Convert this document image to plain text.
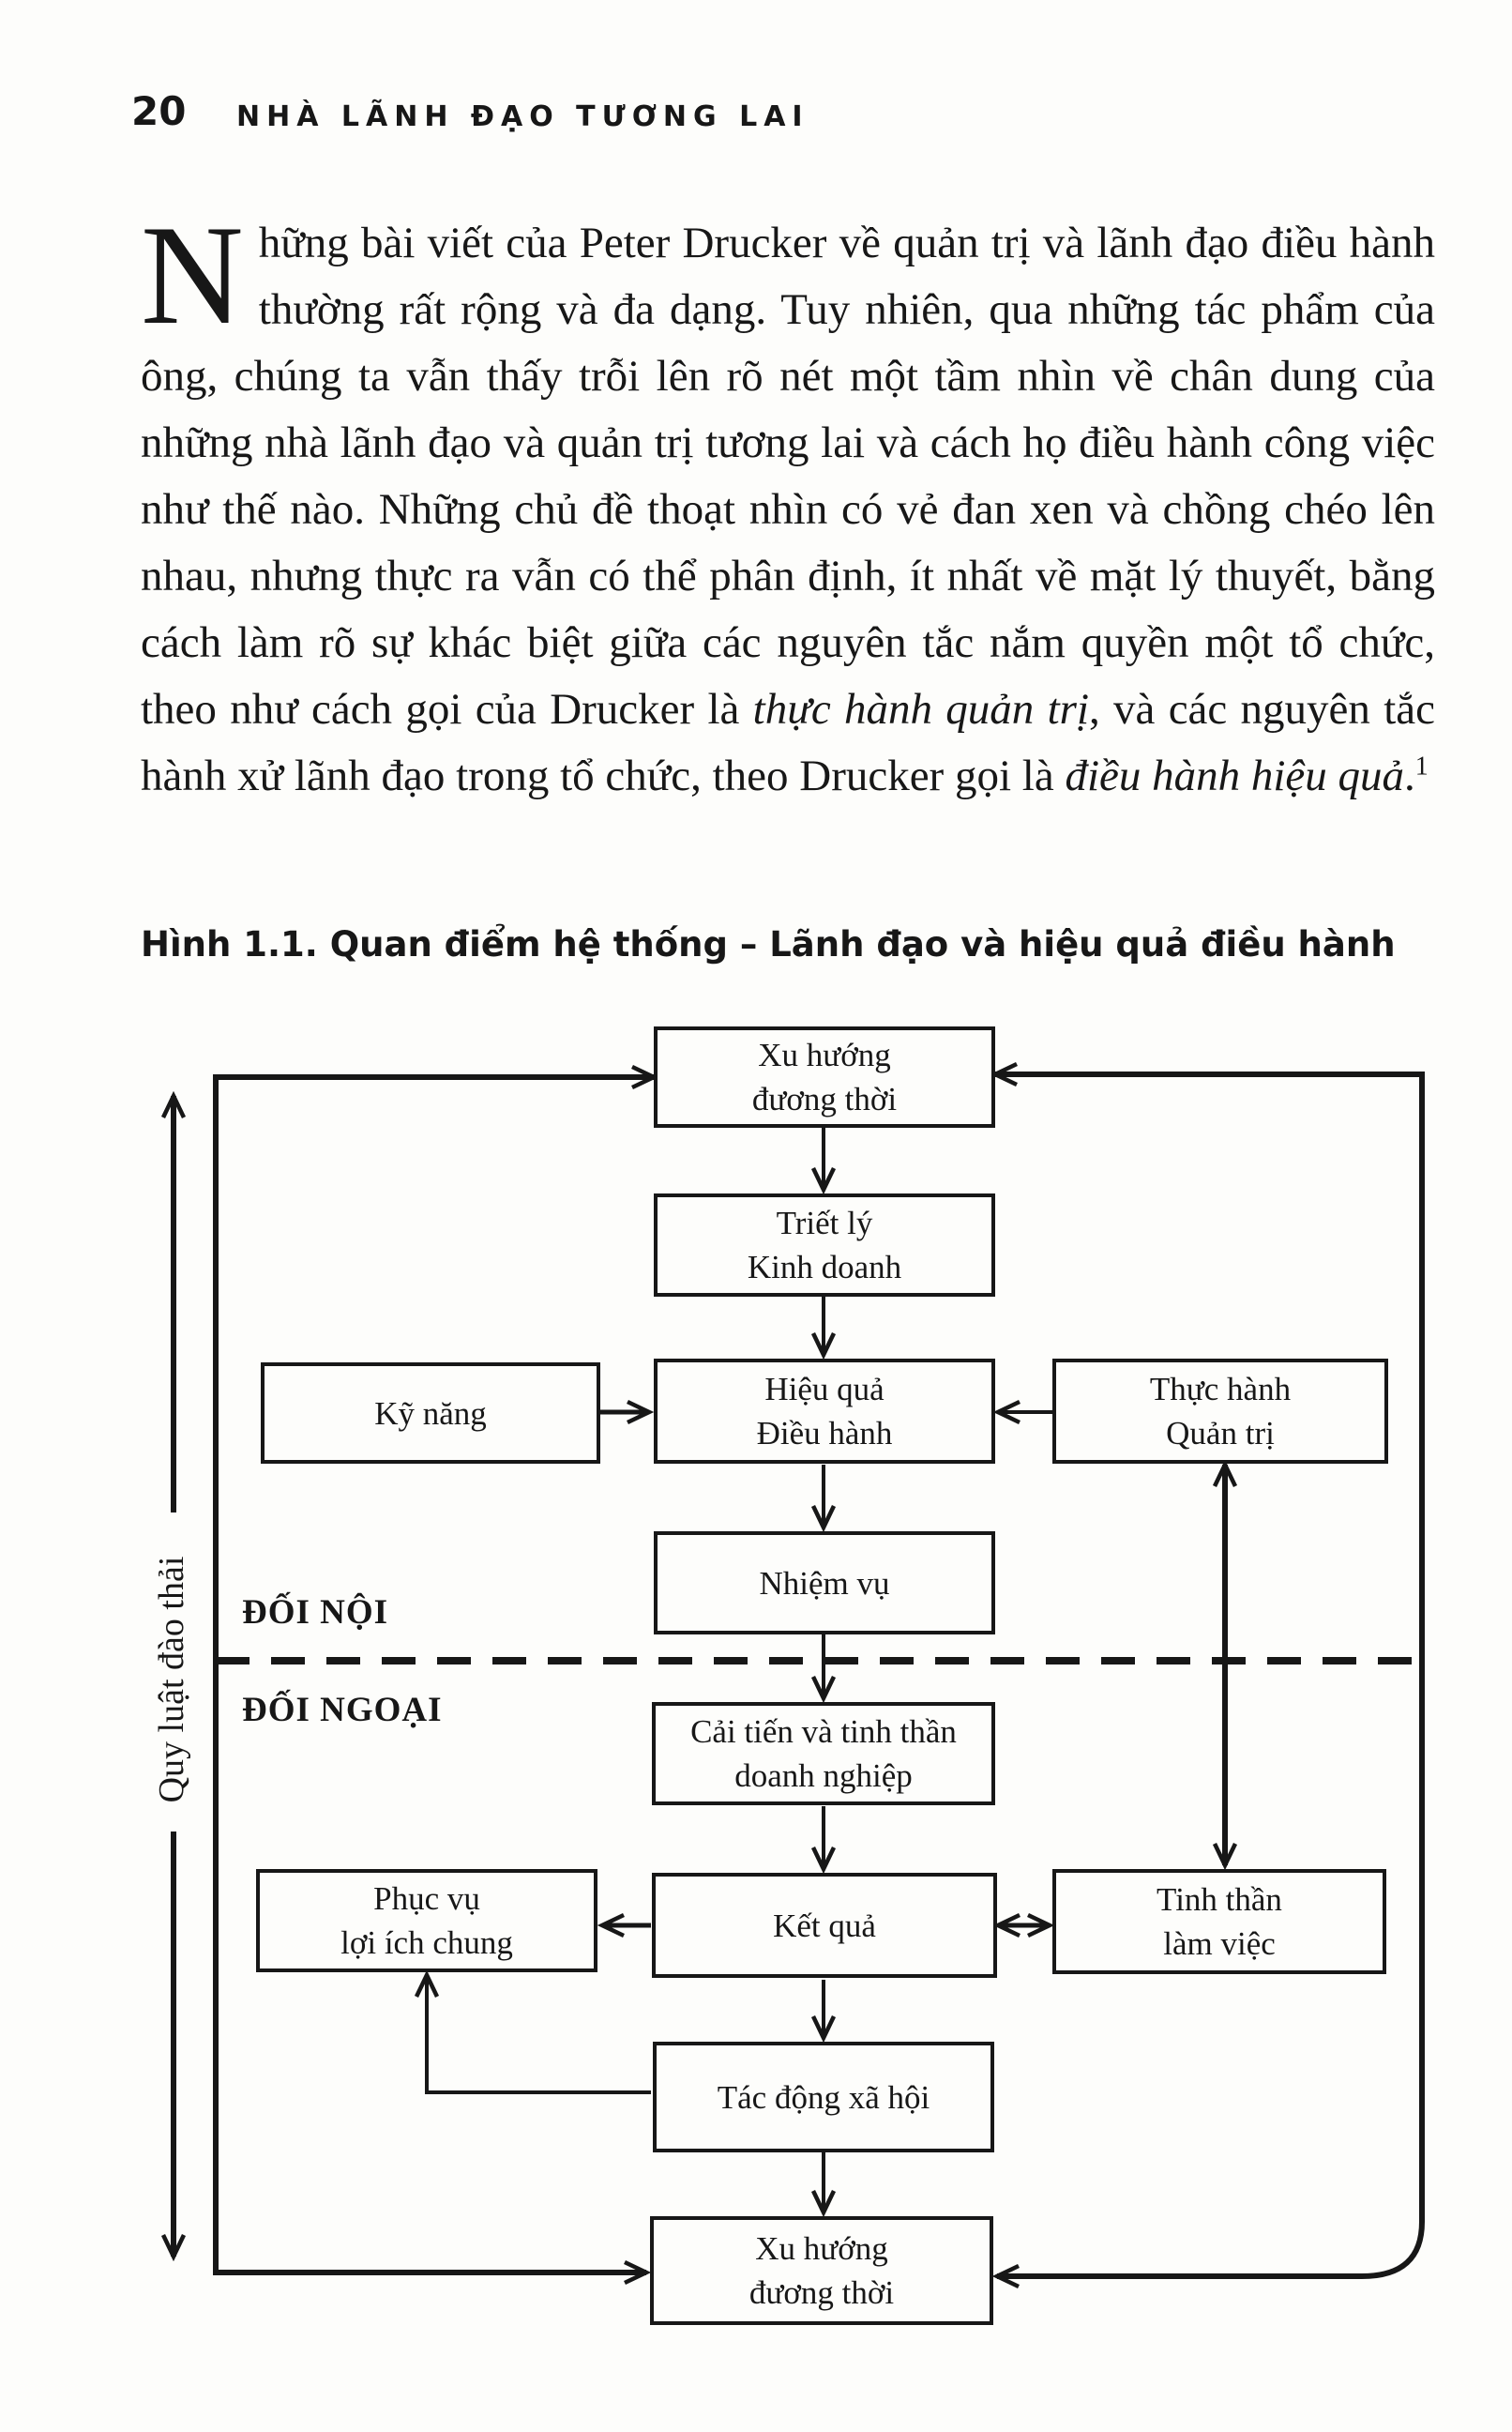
20 NHÀ LÃNH ĐẠO TƯƠNG LAI

Những bài viết của Peter Drucker về quản trị và lãnh đạo điều hành thường rất rộng và đa dạng. Tuy nhiên, qua những tác phẩm của ông, chúng ta vẫn thấy trỗi lên rõ nét một tầm nhìn về chân dung của những nhà lãnh đạo và quản trị tương lai và cách họ điều hành công việc như thế nào. Những chủ đề thoạt nhìn có vẻ đan xen và chồng chéo lên nhau, nhưng thực ra vẫn có thể phân định, ít nhất về mặt lý thuyết, bằng cách làm rõ sự khác biệt giữa các nguyên tắc nắm quyền một tổ chức, theo như cách gọi của Drucker là thực hành quản trị, và các nguyên tắc hành xử lãnh đạo trong tổ chức, theo Drucker gọi là điều hành hiệu quả.$^1$

Hình 1.1. Quan điểm hệ thống – Lãnh đạo và hiệu quả điều hành
Xu hướng
đương thời
Triết lý
Kinh doanh
Kỹ năng
Hiệu quả
Điều hành
Thực hành
Quản trị
Nhiệm vụ
Cải tiến và tinh thần
doanh nghiệp
Phục vụ
lợi ích chung	Kết quả
Tinh thần
làm việc
Tác động xã hội
Xu hướng
đương thời
ĐỐI NỘI
ĐỐI NGOẠI
Quy luật đào thải
